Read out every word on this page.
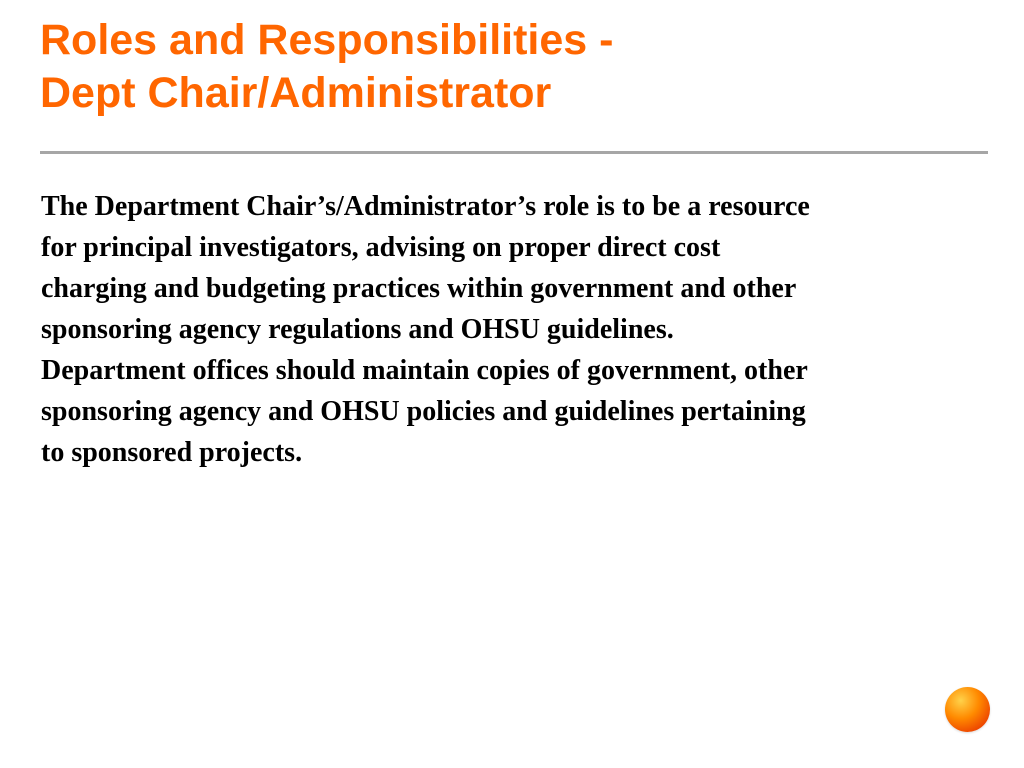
Roles and Responsibilities -
Dept Chair/Administrator

The Department Chair’s/Administrator’s role is to be a resource
for principal investigators, advising on proper direct cost
charging and budgeting practices within government and other
sponsoring agency regulations and OHSU guidelines.
Department offices should maintain copies of government, other
sponsoring agency and OHSU policies and guidelines pertaining
to sponsored projects.
